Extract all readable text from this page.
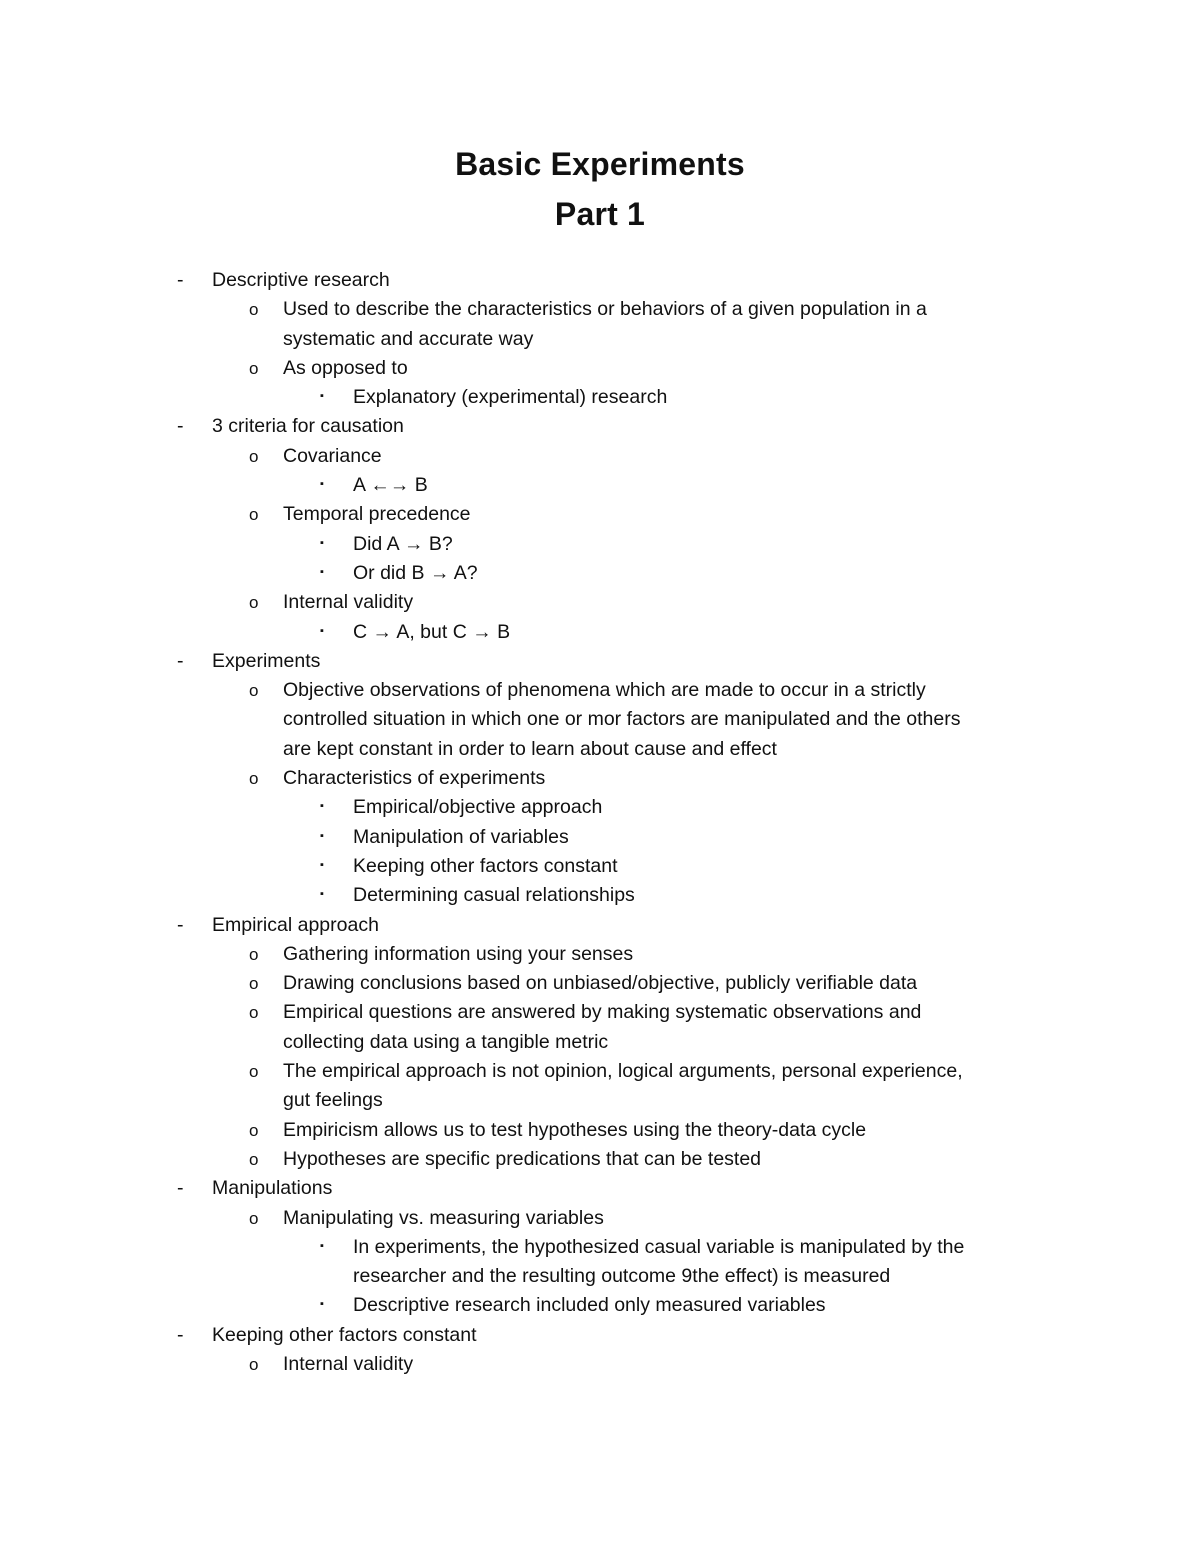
Basic Experiments
Part 1
- Descriptive research
o Used to describe the characteristics or behaviors of a given population in a
systematic and accurate way
o As opposed to
▪ Explanatory (experimental) research
- 3 criteria for causation
o Covariance
▪ A ←→ B
o Temporal precedence
▪ Did A → B?
▪ Or did B → A?
o Internal validity
▪ C → A, but C → B
- Experiments
o Objective observations of phenomena which are made to occur in a strictly
controlled situation in which one or mor factors are manipulated and the others
are kept constant in order to learn about cause and effect
o Characteristics of experiments
▪ Empirical/objective approach
▪ Manipulation of variables
▪ Keeping other factors constant
▪ Determining casual relationships
- Empirical approach
o Gathering information using your senses
o Drawing conclusions based on unbiased/objective, publicly verifiable data
o Empirical questions are answered by making systematic observations and
collecting data using a tangible metric
o The empirical approach is not opinion, logical arguments, personal experience,
gut feelings
o Empiricism allows us to test hypotheses using the theory-data cycle
o Hypotheses are specific predications that can be tested
- Manipulations
o Manipulating vs. measuring variables
▪ In experiments, the hypothesized casual variable is manipulated by the
researcher and the resulting outcome 9the effect) is measured
▪ Descriptive research included only measured variables
- Keeping other factors constant
o Internal validity
